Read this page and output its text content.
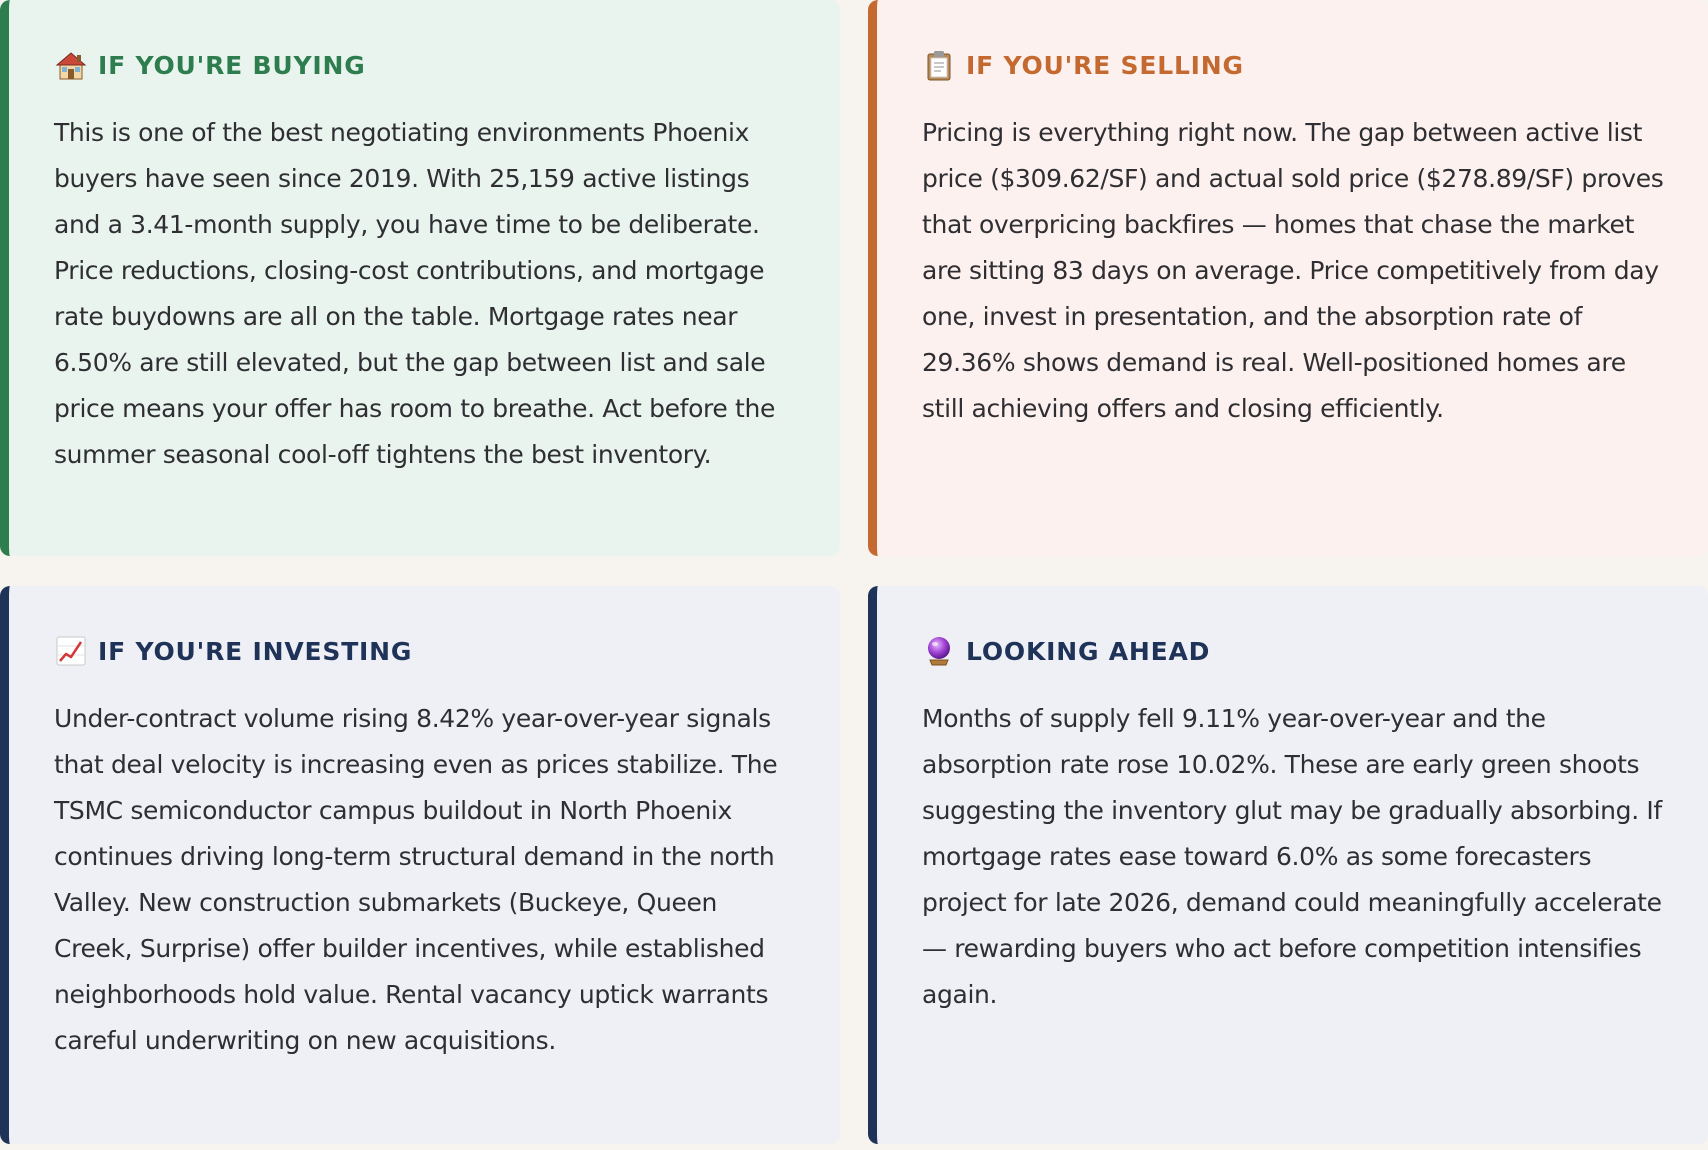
IF YOU'RE BUYING

This is one of the best negotiating environments Phoenix buyers have seen since 2019. With 25,159 active listings and a 3.41-month supply, you have time to be deliberate. Price reductions, closing-cost contributions, and mortgage rate buydowns are all on the table. Mortgage rates near 6.50% are still elevated, but the gap between list and sale price means your offer has room to breathe. Act before the summer seasonal cool-off tightens the best inventory.

IF YOU'RE SELLING

Pricing is everything right now. The gap between active list price ($309.62/SF) and actual sold price ($278.89/SF) proves that overpricing backfires — homes that chase the market are sitting 83 days on average. Price competitively from day one, invest in presentation, and the absorption rate of 29.36% shows demand is real. Well-positioned homes are still achieving offers and closing efficiently.

IF YOU'RE INVESTING

Under-contract volume rising 8.42% year-over-year signals that deal velocity is increasing even as prices stabilize. The TSMC semiconductor campus buildout in North Phoenix continues driving long-term structural demand in the north Valley. New construction submarkets (Buckeye, Queen Creek, Surprise) offer builder incentives, while established neighborhoods hold value. Rental vacancy uptick warrants careful underwriting on new acquisitions.

LOOKING AHEAD

Months of supply fell 9.11% year-over-year and the absorption rate rose 10.02%. These are early green shoots suggesting the inventory glut may be gradually absorbing. If mortgage rates ease toward 6.0% as some forecasters project for late 2026, demand could meaningfully accelerate — rewarding buyers who act before competition intensifies again.
